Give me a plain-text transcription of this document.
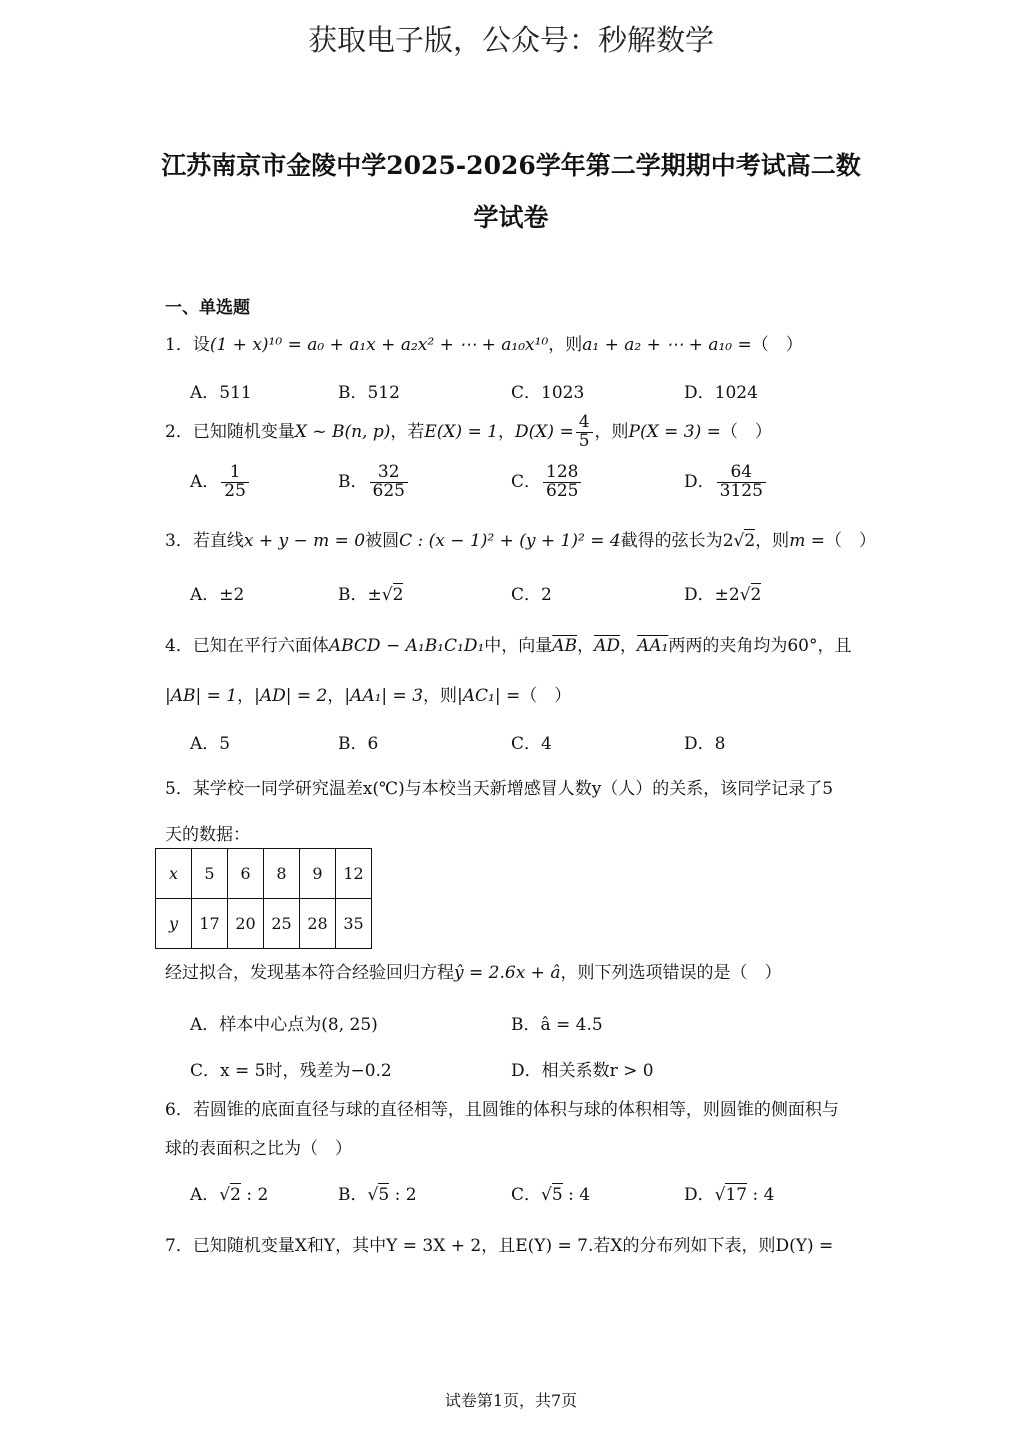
获取电子版，公众号：秒解数学
江苏南京市金陵中学2025-2026学年第二学期期中考试高二数
学试卷
一、单选题
1．设(1 + x)¹⁰ = a₀ + a₁x + a₂x² + ⋯ + a₁₀x¹⁰，则a₁ + a₂ + ⋯ + a₁₀ =（　）
A．511	B．512	C．1023	D．1024
2．已知随机变量X ~ B(n, p)，若E(X) = 1，$D(X) = \frac{4}{5}$ ，则P(X = 3) =（　）
A． $\frac{1}{25}$	B． $\frac{32}{625}$	C． $\frac{128}{625}$	D． $\frac{64}{3125}$
3．若直线x + y − m = 0被圆C : (x − 1)² + (y + 1)² = 4截得的弦长为2√2，则m =（　）
A．±2	B．±√2	C．2	D．±2√2
4．已知在平行六面体ABCD − A₁B₁C₁D₁中，向量$\overline{AB}$，$\overline{AD}$，AA₁两两的夹角均为60°，且
|AB| = 1，|AD| = 2，|AA₁| = 3，则|AC₁| =（　）
A．5	B．6	C．4	D．8
5．某学校一同学研究温差x(℃)与本校当天新增感冒人数y（人）的关系，该同学记录了5
天的数据：
x	5	6	8	9	12
y	17	20	25	28	35
经过拟合，发现基本符合经验回归方程ŷ = 2.6x + â，则下列选项错误的是（　）
A．样本中心点为(8, 25)	B．â = 4.5
C．x = 5时，残差为−0.2	D．相关系数r > 0
6．若圆锥的底面直径与球的直径相等，且圆锥的体积与球的体积相等，则圆锥的侧面积与
球的表面积之比为（　）
A．√2 : 2	B．√5 : 2	C．√5 : 4	D．√17 : 4
7．已知随机变量X和Y，其中Y = 3X + 2，且E(Y) = 7.若X的分布列如下表，则D(Y) =
试卷第1页，共7页
